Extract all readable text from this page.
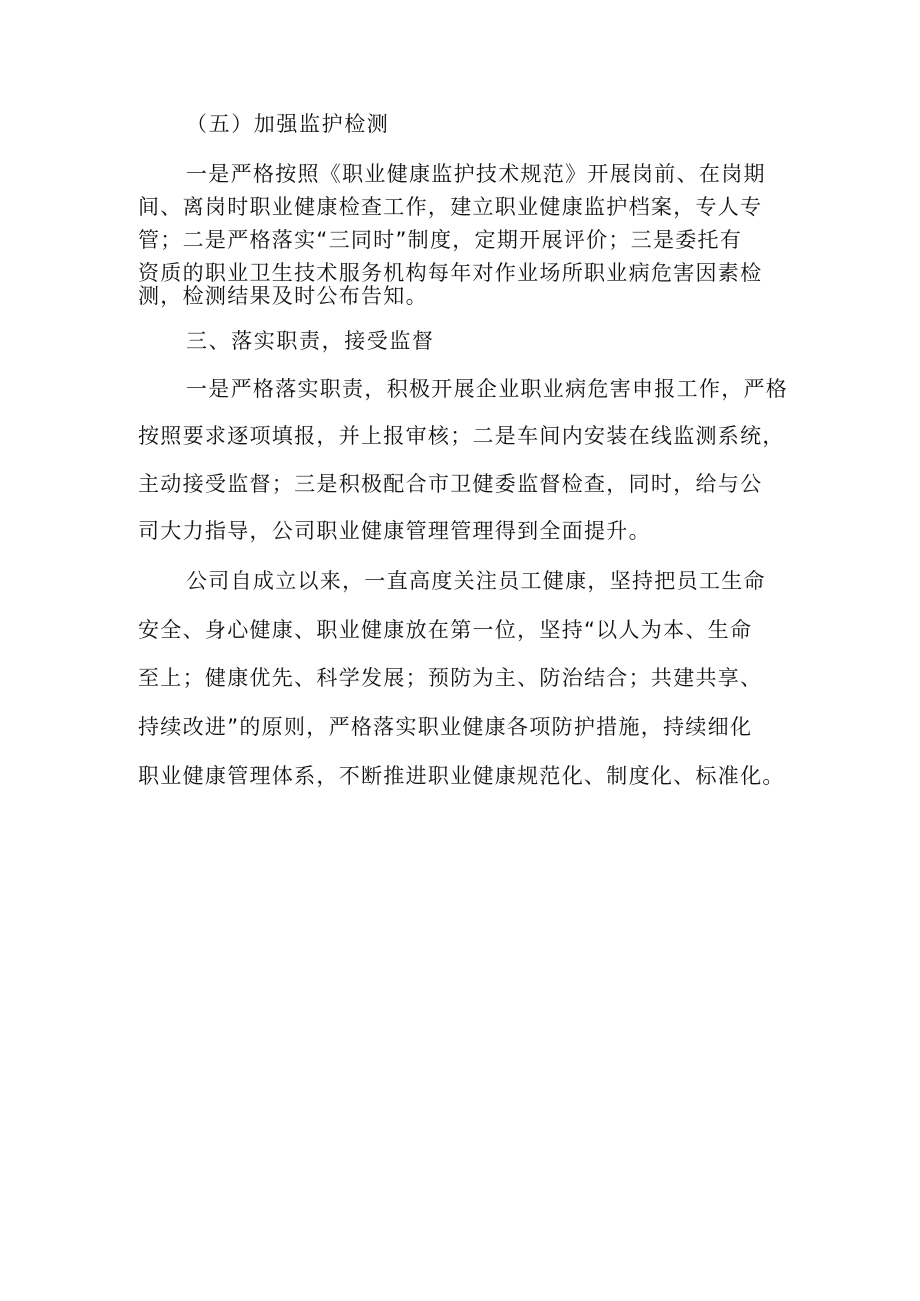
（五）加强监护检测
一是严格按照《职业健康监护技术规范》开展岗前、在岗期
间、离岗时职业健康检查工作，建立职业健康监护档案，专人专
管；二是严格落实“三同时”制度，定期开展评价；三是委托有
资质的职业卫生技术服务机构每年对作业场所职业病危害因素检
测，检测结果及时公布告知。
三、落实职责，接受监督
一是严格落实职责，积极开展企业职业病危害申报工作，严格
按照要求逐项填报，并上报审核；二是车间内安装在线监测系统，
主动接受监督；三是积极配合市卫健委监督检查，同时，给与公
司大力指导，公司职业健康管理管理得到全面提升。
公司自成立以来，一直高度关注员工健康，坚持把员工生命
安全、身心健康、职业健康放在第一位，坚持“以人为本、生命
至上；健康优先、科学发展；预防为主、防治结合；共建共享、
持续改进”的原则，严格落实职业健康各项防护措施，持续细化
职业健康管理体系，不断推进职业健康规范化、制度化、标准化。
